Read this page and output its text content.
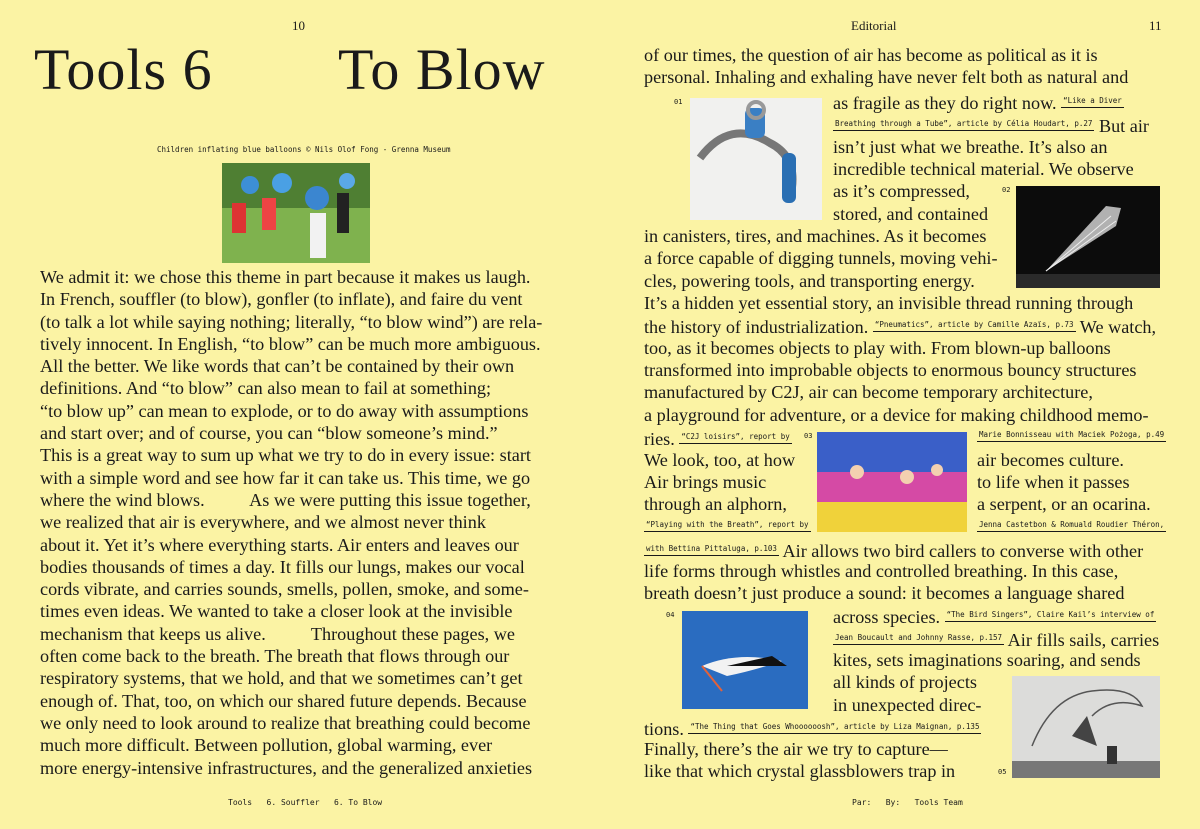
10
Tools 6 To Blow
Children inflating blue balloons © Nils Olof Fong - Grenna Museum

We admit it: we chose this theme in part because it makes us laugh.

In French, souffler (to blow), gonfler (to inflate), and faire du vent

(to talk a lot while saying nothing; literally, “to blow wind”) are rela-

tively innocent. In English, “to blow” can be much more ambiguous.

All the better. We like words that can’t be contained by their own

definitions. And “to blow” can also mean to fail at something;

“to blow up” can mean to explode, or to do away with assumptions

and start over; and of course, you can “blow someone’s mind.”

This is a great way to sum up what we try to do in every issue: start

with a simple word and see how far it can take us. This time, we go

where the wind blows.          As we were putting this issue together,

we realized that air is everywhere, and we almost never think

about it. Yet it’s where everything starts. Air enters and leaves our

bodies thousands of times a day. It fills our lungs, makes our vocal

cords vibrate, and carries sounds, smells, pollen, smoke, and some-

times even ideas. We wanted to take a closer look at the invisible

mechanism that keeps us alive.          Throughout these pages, we

often come back to the breath. The breath that flows through our

respiratory systems, that we hold, and that we sometimes can’t get

enough of. That, too, on which our shared future depends. Because

we only need to look around to realize that breathing could become

much more difficult. Between pollution, global warming, ever

more energy-intensive infrastructures, and the generalized anxieties

Tools   6. Souffler   6. To Blow
Editorial	11
01
02
03
04
05
of our times, the question of air has become as political as it is
personal. Inhaling and exhaling have never felt both as natural and
as fragile as they do right now. $^{“Like a Diver}$
$^{Breathing through a Tube”, article by Célia Houdart, p.27}$ But air
isn’t just what we breathe. It’s also an
incredible technical material. We observe
as it’s compressed,
stored, and contained
in canisters, tires, and machines. As it becomes
a force capable of digging tunnels, moving vehi-
cles, powering tools, and transporting energy.
It’s a hidden yet essential story, an invisible thread running through
the history of industrialization. $^{“Pneumatics”, article by Camille Azaïs, p.73}$ We watch,
too, as it becomes objects to play with. From blown-up balloons
transformed into improbable objects to enormous bouncy structures
manufactured by C2J, air can become temporary architecture,
a playground for adventure, or a device for making childhood memo-
ries. $^{“C2J loisirs”, report by}$	$^{Marie Bonnisseau with Maciek Pożoga, p.49}$
We look, too, at how	air becomes culture.
Air brings music	to life when it passes
through an alphorn,	a serpent, or an ocarina.
$^{“Playing with the Breath”, report by}$	$^{Jenna Castetbon \& Romuald Roudier Théron,}$
$^{with Bettina Pittaluga, p.103}$ Air allows two bird callers to converse with other
life forms through whistles and controlled breathing. In this case,
breath doesn’t just produce a sound: it becomes a language shared
across species. $^{“The Bird Singers”, Claire Kail’s interview of}$
$^{Jean Boucault and Johnny Rasse, p.157}$ Air fills sails, carries
kites, sets imaginations soaring, and sends
all kinds of projects
in unexpected direc-
tions. $^{“The Thing that Goes Whoooooosh”, article by Liza Maignan, p.135}$
Finally, there’s the air we try to capture—
like that which crystal glassblowers trap in
Par:   By:   Tools Team
